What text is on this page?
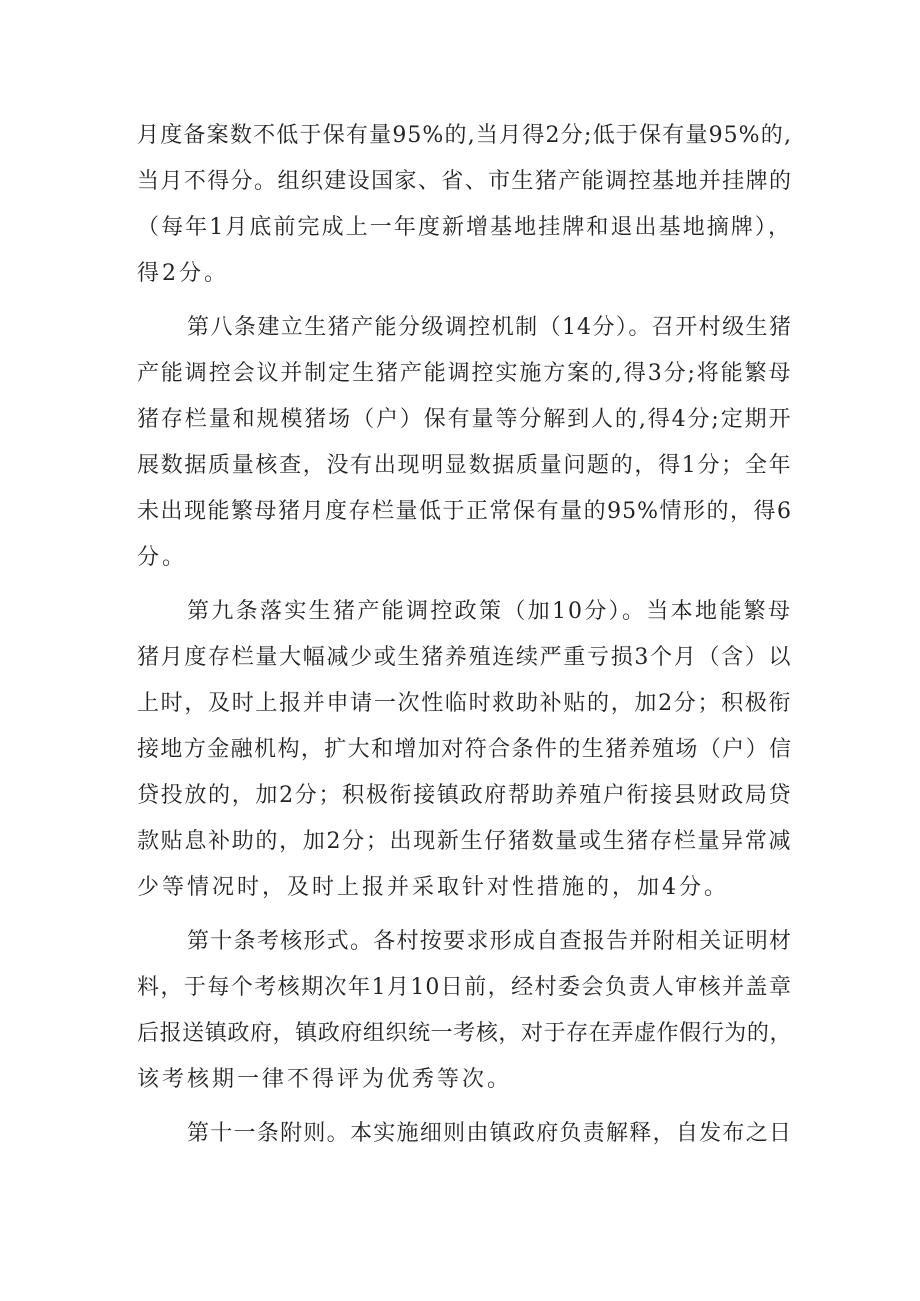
月度备案数不低于保有量95%的,当月得2分;低于保有量95%的,
当月不得分。组织建设国家、省、市生猪产能调控基地并挂牌的
（每年1月底前完成上一年度新增基地挂牌和退出基地摘牌），
得2分。
第八条建立生猪产能分级调控机制（14分）。召开村级生猪
产能调控会议并制定生猪产能调控实施方案的,得3分;将能繁母
猪存栏量和规模猪场（户）保有量等分解到人的,得4分;定期开
展数据质量核查，没有出现明显数据质量问题的，得1分；全年
未出现能繁母猪月度存栏量低于正常保有量的95%情形的，得6
分。
第九条落实生猪产能调控政策（加10分）。当本地能繁母
猪月度存栏量大幅减少或生猪养殖连续严重亏损3个月（含）以
上时，及时上报并申请一次性临时救助补贴的，加2分；积极衔
接地方金融机构，扩大和增加对符合条件的生猪养殖场（户）信
贷投放的，加2分；积极衔接镇政府帮助养殖户衔接县财政局贷
款贴息补助的，加2分；出现新生仔猪数量或生猪存栏量异常减
少等情况时，及时上报并采取针对性措施的，加4分。
第十条考核形式。各村按要求形成自查报告并附相关证明材
料，于每个考核期次年1月10日前，经村委会负责人审核并盖章
后报送镇政府，镇政府组织统一考核，对于存在弄虚作假行为的，
该考核期一律不得评为优秀等次。
第十一条附则。本实施细则由镇政府负责解释，自发布之日
